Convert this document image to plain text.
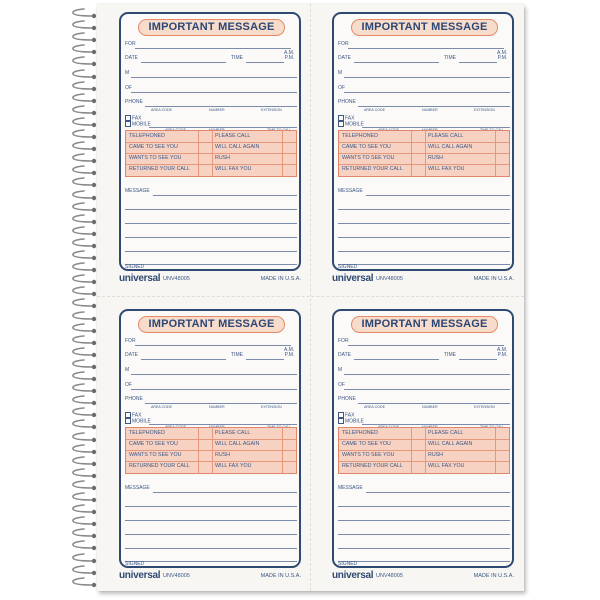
IMPORTANT MESSAGE
FOR
DATE	TIME
A.M.
P.M.
M
OF
PHONE
AREA CODE	NUMBER	EXTENSION
FAX
MOBILE
TELEPHONED	PLEASE CALL
CAME TO SEE YOU	WILL CALL AGAIN
WANTS TO SEE YOU	RUSH
RETURNED YOUR CALL	WILL FAX YOU
MESSAGE
SIGNED
universal UNV48005	MADE IN U.S.A.
IMPORTANT MESSAGE
FOR
DATE	TIME
A.M.
P.M.
M
OF
PHONE
AREA CODE	NUMBER	EXTENSION
FAX
MOBILE
TELEPHONED	PLEASE CALL
CAME TO SEE YOU	WILL CALL AGAIN
WANTS TO SEE YOU	RUSH
RETURNED YOUR CALL	WILL FAX YOU
MESSAGE
SIGNED
universal UNV48005	MADE IN U.S.A.
IMPORTANT MESSAGE
FOR
DATE	TIME
A.M.
P.M.
M
OF
PHONE
AREA CODE	NUMBER	EXTENSION
FAX
MOBILE
TELEPHONED	PLEASE CALL
CAME TO SEE YOU	WILL CALL AGAIN
WANTS TO SEE YOU	RUSH
RETURNED YOUR CALL	WILL FAX YOU
MESSAGE
SIGNED
universal UNV48005	MADE IN U.S.A.
IMPORTANT MESSAGE
FOR
DATE	TIME
A.M.
P.M.
M
OF
PHONE
AREA CODE	NUMBER	EXTENSION
FAX
MOBILE
TELEPHONED	PLEASE CALL
CAME TO SEE YOU	WILL CALL AGAIN
WANTS TO SEE YOU	RUSH
RETURNED YOUR CALL	WILL FAX YOU
MESSAGE
SIGNED
universal UNV48005	MADE IN U.S.A.
